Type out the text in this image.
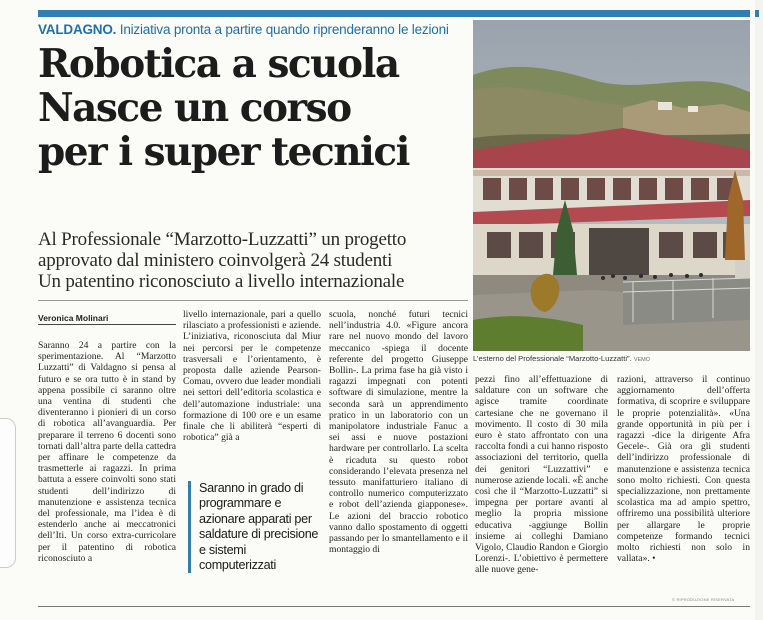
VALDAGNO. Iniziativa pronta a partire quando riprenderanno le lezioni
Robotica a scuola
Nasce un corso
per i super tecnici
Al Professionale “Marzotto-Luzzatti” un progetto
approvato dal ministero coinvolgerà 24 studenti
Un patentino riconosciuto a livello internazionale
Veronica Molinari

Saranno 24 a partire con la sperimentazione. Al “Marzotto Luzzatti” di Valdagno si pensa al futuro e se ora tutto è in stand by appena possibile ci saranno oltre una ventina di studenti che diventeranno i pionieri di un corso di robotica all’avanguardia. Per preparare il terreno 6 docenti sono tornati dall’altra parte della cattedra per affinare le competenze da trasmetterle ai ragazzi. In prima battuta a essere coinvolti sono stati studenti dell’indirizzo di manutenzione e assistenza tecnica del professionale, ma l’idea è di estenderlo anche ai meccatronici dell’Iti. Un corso extra-curricolare per il patentino di robotica riconosciuto a

livello internazionale, pari a quello rilasciato a professionisti e aziende. L’iniziativa, riconosciuta dal Miur nei percorsi per le competenze trasversali e l’orientamento, è proposta dalle aziende Pearson-Comau, ovvero due leader mondiali nei settori dell’editoria scolastica e dell’automazione industriale: una formazione di 100 ore e un esame finale che li abiliterà “esperti di robotica” già a

Saranno in grado di programmare e azionare apparati per saldature di precisione e sistemi computerizzati

scuola, nonché futuri tecnici nell’industria 4.0. «Figure ancora rare nel nuovo mondo del lavoro meccanico -spiega il docente referente del progetto Giuseppe Bollin-. La prima fase ha già visto i ragazzi impegnati con potenti software di simulazione, mentre la seconda sarà un apprendimento pratico in un laboratorio con un manipolatore industriale Fanuc a sei assi e nuove postazioni hardware per controllarlo. La scelta è ricaduta su questo robot considerando l’elevata presenza nel tessuto manifatturiero italiano di controllo numerico computerizzato e robot dell’azienda giapponese». Le azioni del braccio robotico vanno dallo spostamento di oggetti passando per lo smantellamento e il montaggio di

L’esterno del Professionale “Marzotto-Luzzatti”. VEMO

pezzi fino all’effettuazione di saldature con un software che agisce tramite coordinate cartesiane che ne governano il movimento. Il costo di 30 mila euro è stato affrontato con una raccolta fondi a cui hanno risposto associazioni del territorio, quella dei genitori “Luzzattivi” e numerose aziende locali. «È anche così che il “Marzotto-Luzzatti” si impegna per portare avanti al meglio la propria missione educativa -aggiunge Bollin insieme ai colleghi Damiano Vigolo, Claudio Randon e Giorgio Lorenzi-. L’obiettivo è permettere alle nuove gene-

razioni, attraverso il continuo aggiornamento dell’offerta formativa, di scoprire e sviluppare le proprie potenzialità». «Una grande opportunità in più per i ragazzi -dice la dirigente Afra Gecele-. Già ora gli studenti dell’indirizzo professionale di manutenzione e assistenza tecnica sono molto richiesti. Con questa specializzazione, non prettamente scolastica ma ad ampio spettro, offriremo una possibilità ulteriore per allargare le proprie competenze formando tecnici molto richiesti non solo in vallata». •

© RIPRODUZIONE RISERVATA
